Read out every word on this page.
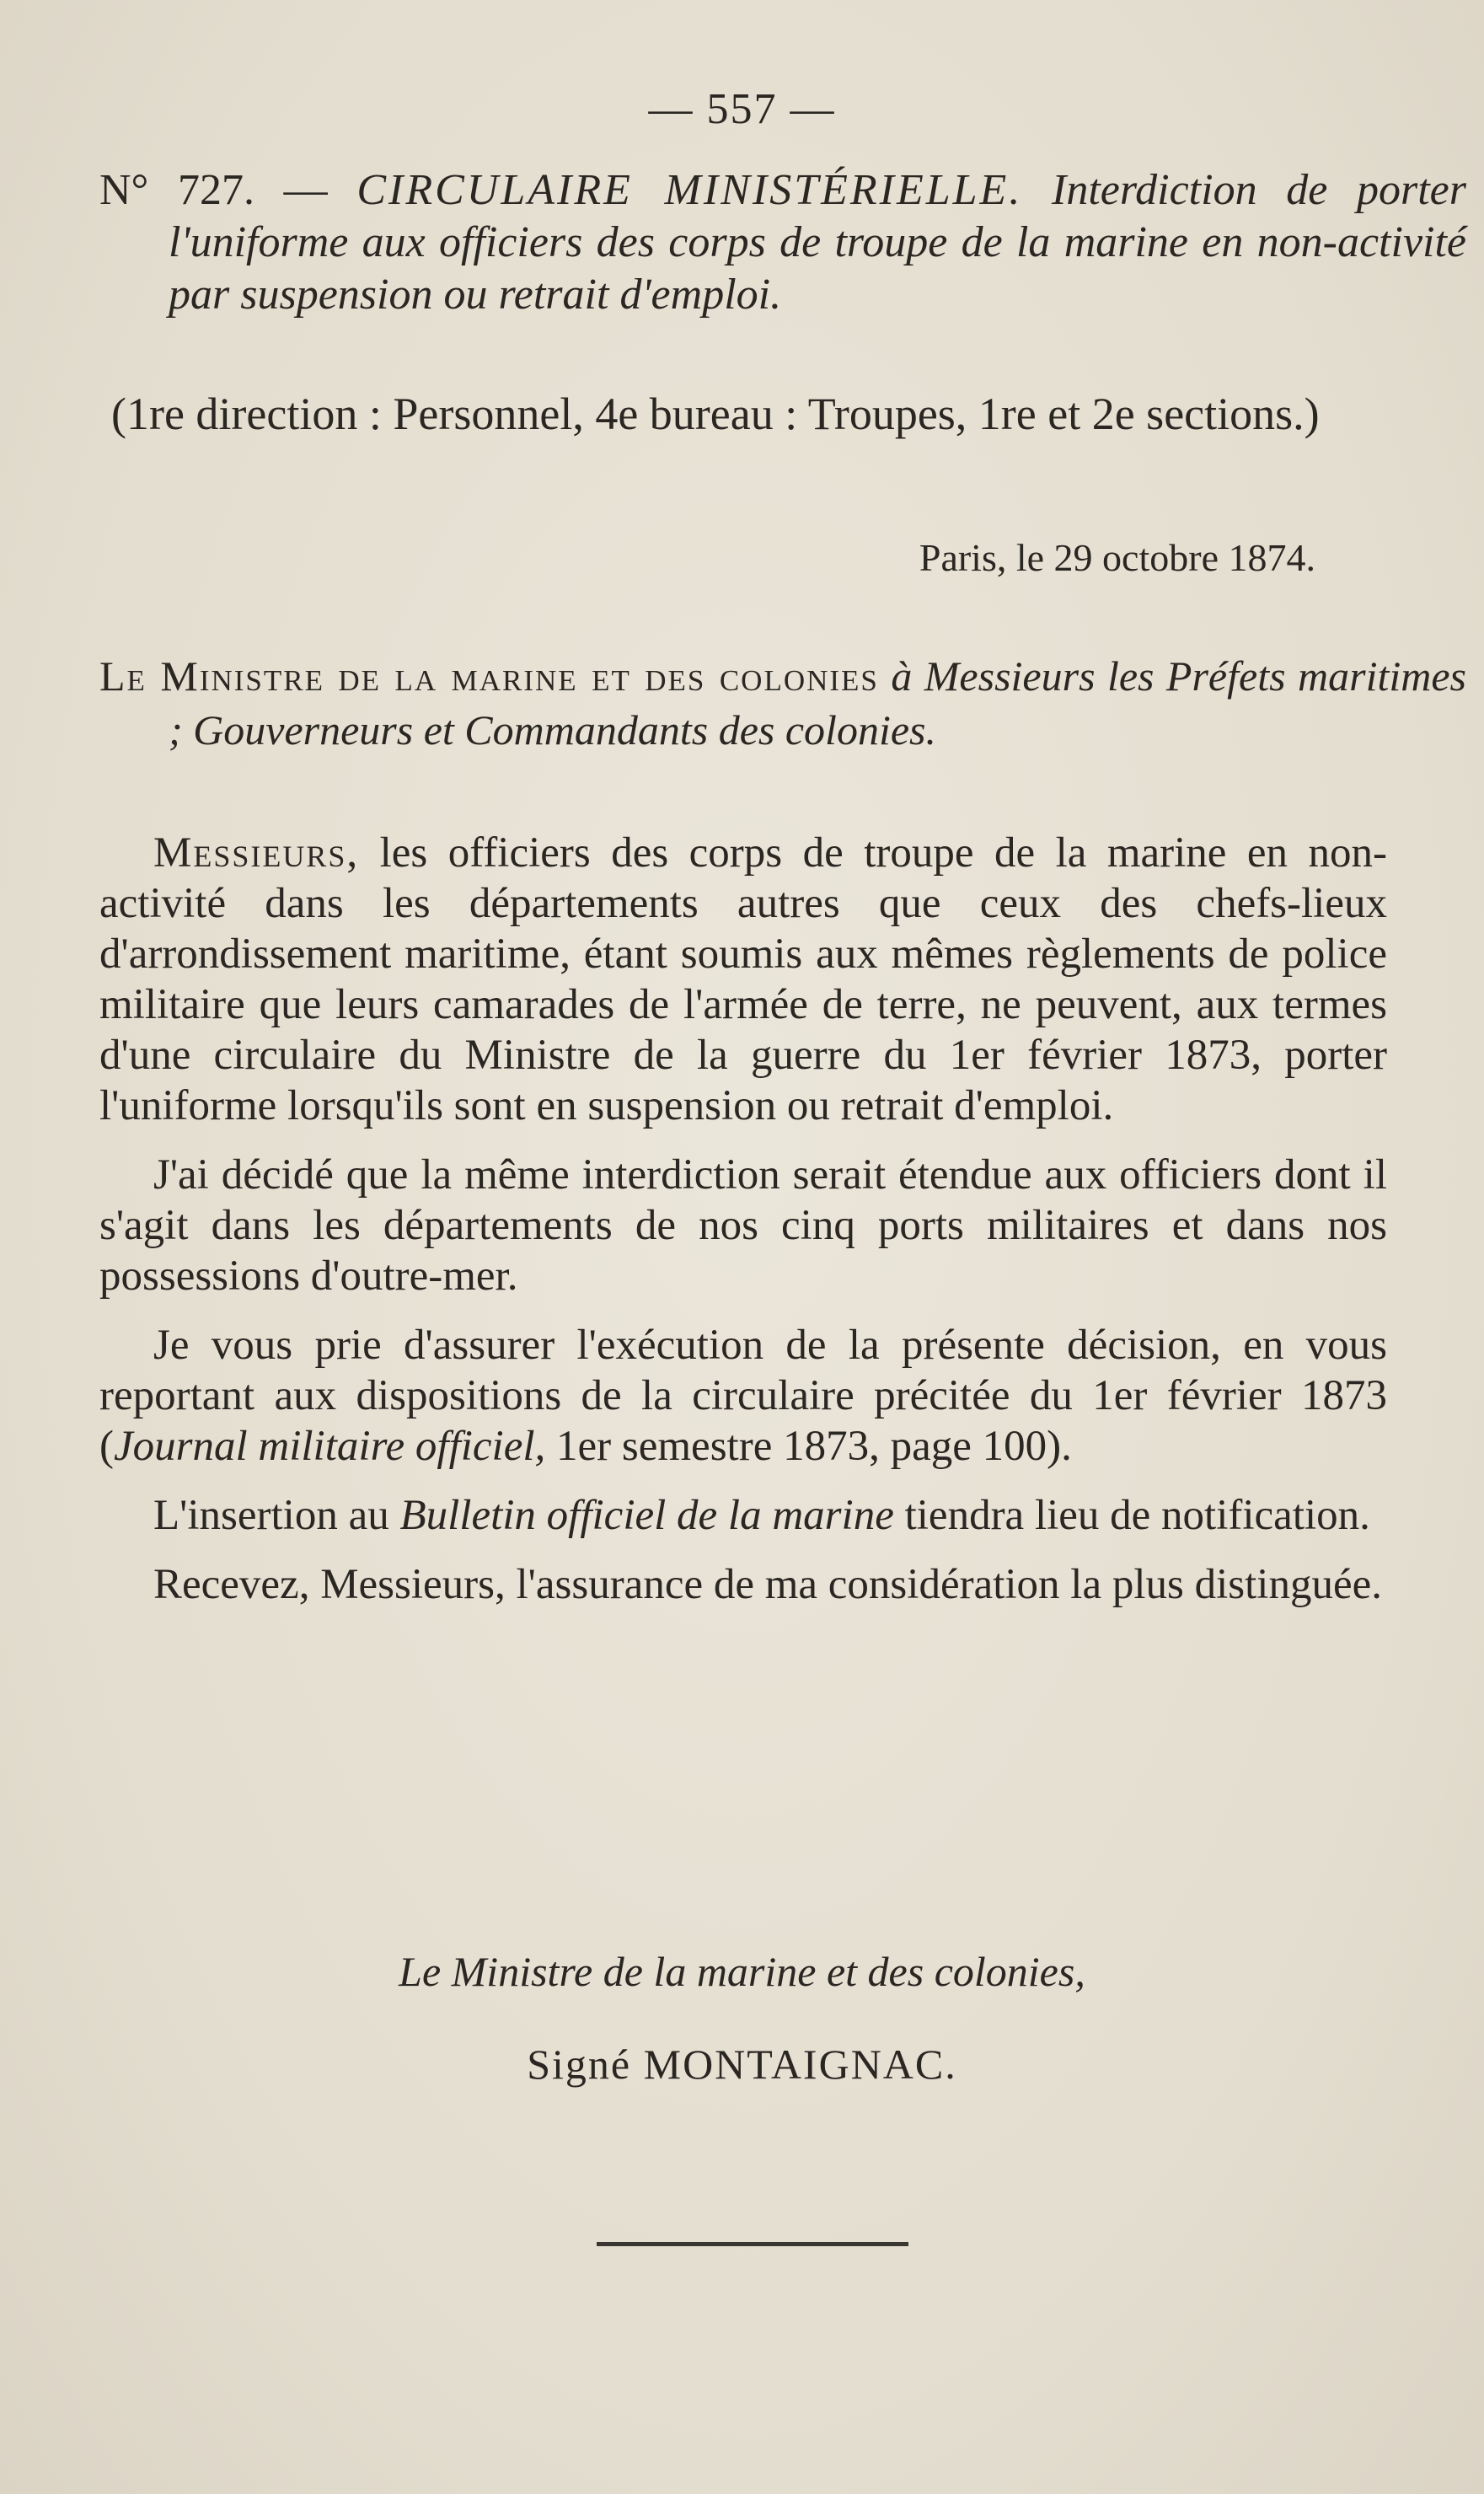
— 557 —
N° 727. — CIRCULAIRE MINISTÉRIELLE. Interdiction de porter l'uniforme aux officiers des corps de troupe de la marine en non-activité par suspension ou retrait d'emploi.
(1re direction : Personnel, 4e bureau : Troupes, 1re et 2e sections.)
Paris, le 29 octobre 1874.
Le Ministre de la marine et des colonies à Messieurs les Préfets maritimes ; Gouverneurs et Commandants des colonies.

Messieurs, les officiers des corps de troupe de la marine en non-activité dans les départements autres que ceux des chefs-lieux d'arrondissement maritime, étant soumis aux mêmes règlements de police militaire que leurs camarades de l'armée de terre, ne peuvent, aux termes d'une circulaire du Ministre de la guerre du 1er février 1873, porter l'uniforme lorsqu'ils sont en suspension ou retrait d'emploi.

J'ai décidé que la même interdiction serait étendue aux officiers dont il s'agit dans les départements de nos cinq ports militaires et dans nos possessions d'outre-mer.

Je vous prie d'assurer l'exécution de la présente décision, en vous reportant aux dispositions de la circulaire précitée du 1er février 1873 (Journal militaire officiel, 1er semestre 1873, page 100).

L'insertion au Bulletin officiel de la marine tiendra lieu de notification.

Recevez, Messieurs, l'assurance de ma considération la plus distinguée.

Le Ministre de la marine et des colonies,
Signé MONTAIGNAC.
